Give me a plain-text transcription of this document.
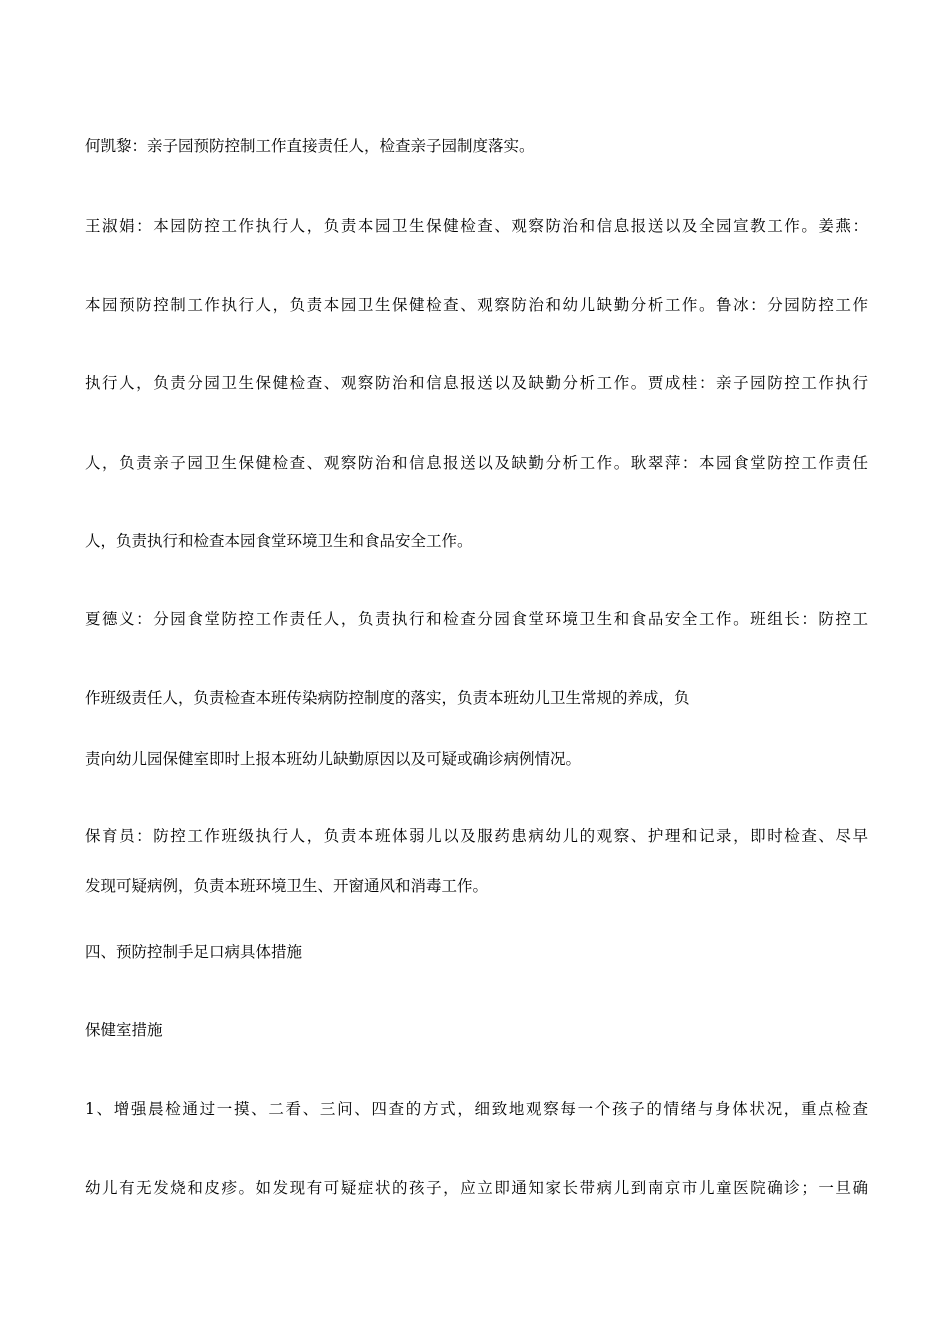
何凯黎：亲子园预防控制工作直接责任人，检查亲子园制度落实。

王淑娟：本园防控工作执行人，负责本园卫生保健检查、观察防治和信息报送以及全园宣教工作。姜燕：

本园预防控制工作执行人，负责本园卫生保健检查、观察防治和幼儿缺勤分析工作。鲁冰：分园防控工作

执行人，负责分园卫生保健检查、观察防治和信息报送以及缺勤分析工作。贾成桂：亲子园防控工作执行

人，负责亲子园卫生保健检查、观察防治和信息报送以及缺勤分析工作。耿翠萍：本园食堂防控工作责任

人，负责执行和检查本园食堂环境卫生和食品安全工作。

夏德义：分园食堂防控工作责任人，负责执行和检查分园食堂环境卫生和食品安全工作。班组长：防控工

作班级责任人，负责检查本班传染病防控制度的落实，负责本班幼儿卫生常规的养成，负

责向幼儿园保健室即时上报本班幼儿缺勤原因以及可疑或确诊病例情况。

保育员：防控工作班级执行人，负责本班体弱儿以及服药患病幼儿的观察、护理和记录，即时检查、尽早

发现可疑病例，负责本班环境卫生、开窗通风和消毒工作。

四、预防控制手足口病具体措施

保健室措施

1、增强晨检通过一摸、二看、三问、四查的方式，细致地观察每一个孩子的情绪与身体状况，重点检查

幼儿有无发烧和皮疹。如发现有可疑症状的孩子，应立即通知家长带病儿到南京市儿童医院确诊；一旦确
